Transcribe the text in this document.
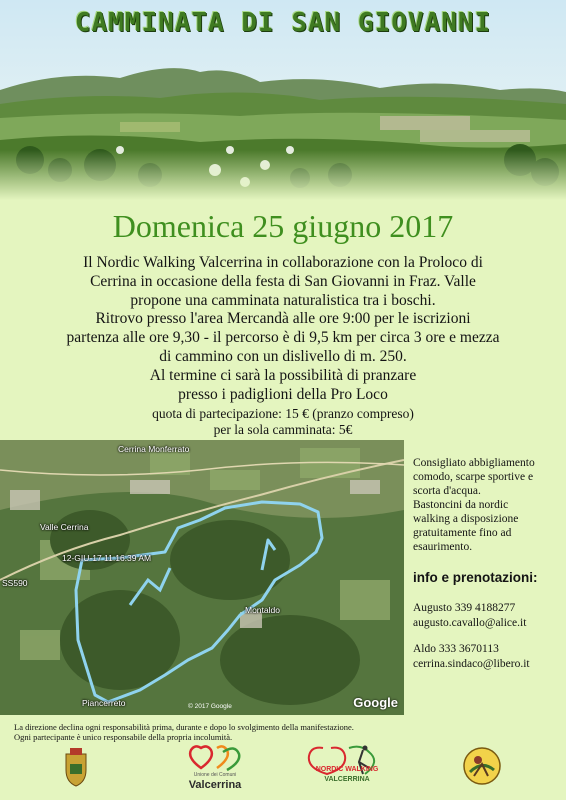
CAMMINATA DI SAN GIOVANNI
Domenica 25 giugno 2017
Il Nordic Walking Valcerrina in collaborazione con la Proloco di
Cerrina in occasione della festa di San Giovanni in Fraz. Valle
propone una camminata naturalistica tra i boschi.
Ritrovo presso l'area Mercandà alle ore 9:00 per le iscrizioni
partenza alle ore 9,30 - il percorso è di 9,5 km per circa 3 ore e mezza
di cammino con un dislivello di m. 250.
Al termine ci sarà la possibilità di pranzare
presso i padiglioni della Pro Loco
quota di partecipazione: 15 € (pranzo compreso)
per la sola camminata: 5€
Cerrina Monferrato
Valle Cerrina
12-GIU-17 11:16:39 AM
Montaldo
Piancerreto
SS590
© 2017 Google	Google
Consigliato abbigliamento
comodo, scarpe sportive e
scorta d'acqua.
Bastoncini da nordic
walking a disposizione
gratuitamente fino ad
esaurimento.
info e prenotazioni:
Augusto 339 4188277
augusto.cavallo@alice.it
Aldo 333 3670113
cerrina.sindaco@libero.it
La direzione declina ogni responsabilità prima, durante e dopo lo svolgimento della manifestazione.
Ogni partecipante è unico responsabile della propria incolumità.
Unione dei Comuni
Valcerrina
NORDIC WALKING
VALCERRINA
